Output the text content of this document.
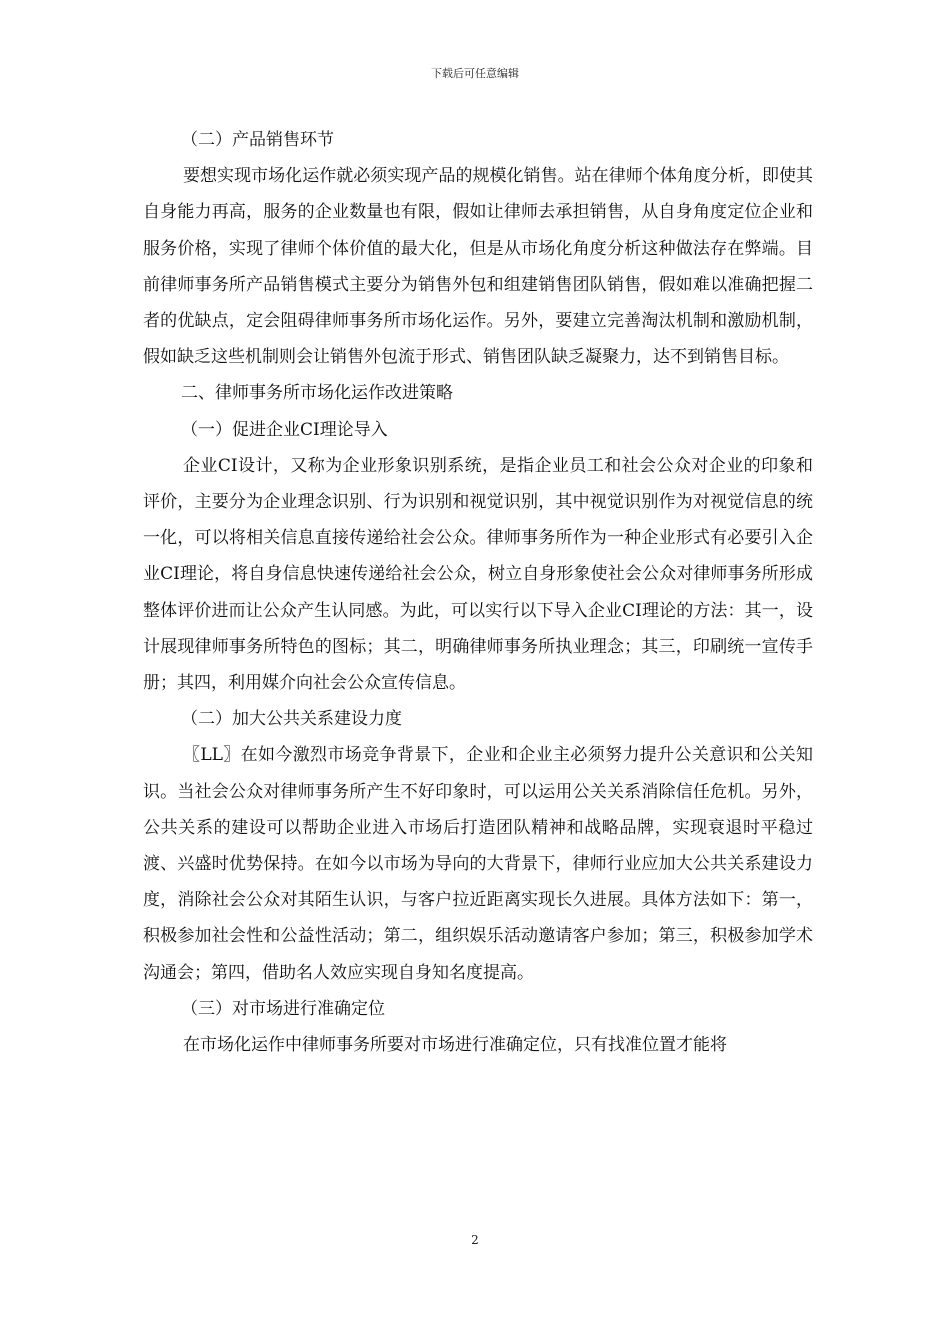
下载后可任意编辑
（二）产品销售环节

要想实现市场化运作就必须实现产品的规模化销售。站在律师个体角度分析，即使其自身能力再高，服务的企业数量也有限，假如让律师去承担销售，从自身角度定位企业和服务价格，实现了律师个体价值的最大化，但是从市场化角度分析这种做法存在弊端。目前律师事务所产品销售模式主要分为销售外包和组建销售团队销售，假如难以准确把握二者的优缺点，定会阻碍律师事务所市场化运作。另外，要建立完善淘汰机制和激励机制，假如缺乏这些机制则会让销售外包流于形式、销售团队缺乏凝聚力，达不到销售目标。

二、律师事务所市场化运作改进策略
（一）促进企业CI理论导入

企业CI设计，又称为企业形象识别系统，是指企业员工和社会公众对企业的印象和评价，主要分为企业理念识别、行为识别和视觉识别，其中视觉识别作为对视觉信息的统一化，可以将相关信息直接传递给社会公众。律师事务所作为一种企业形式有必要引入企业CI理论，将自身信息快速传递给社会公众，树立自身形象使社会公众对律师事务所形成整体评价进而让公众产生认同感。为此，可以实行以下导入企业CI理论的方法：其一，设计展现律师事务所特色的图标；其二，明确律师事务所执业理念；其三，印刷统一宣传手册；其四，利用媒介向社会公众宣传信息。

（二）加大公共关系建设力度

〖LL〗在如今激烈市场竞争背景下，企业和企业主必须努力提升公关意识和公关知识。当社会公众对律师事务所产生不好印象时，可以运用公关关系消除信任危机。另外，公共关系的建设可以帮助企业进入市场后打造团队精神和战略品牌，实现衰退时平稳过渡、兴盛时优势保持。在如今以市场为导向的大背景下，律师行业应加大公共关系建设力度，消除社会公众对其陌生认识，与客户拉近距离实现长久进展。具体方法如下：第一，积极参加社会性和公益性活动；第二，组织娱乐活动邀请客户参加；第三，积极参加学术沟通会；第四，借助名人效应实现自身知名度提高。

（三）对市场进行准确定位

在市场化运作中律师事务所要对市场进行准确定位，只有找准位置才能将

2
